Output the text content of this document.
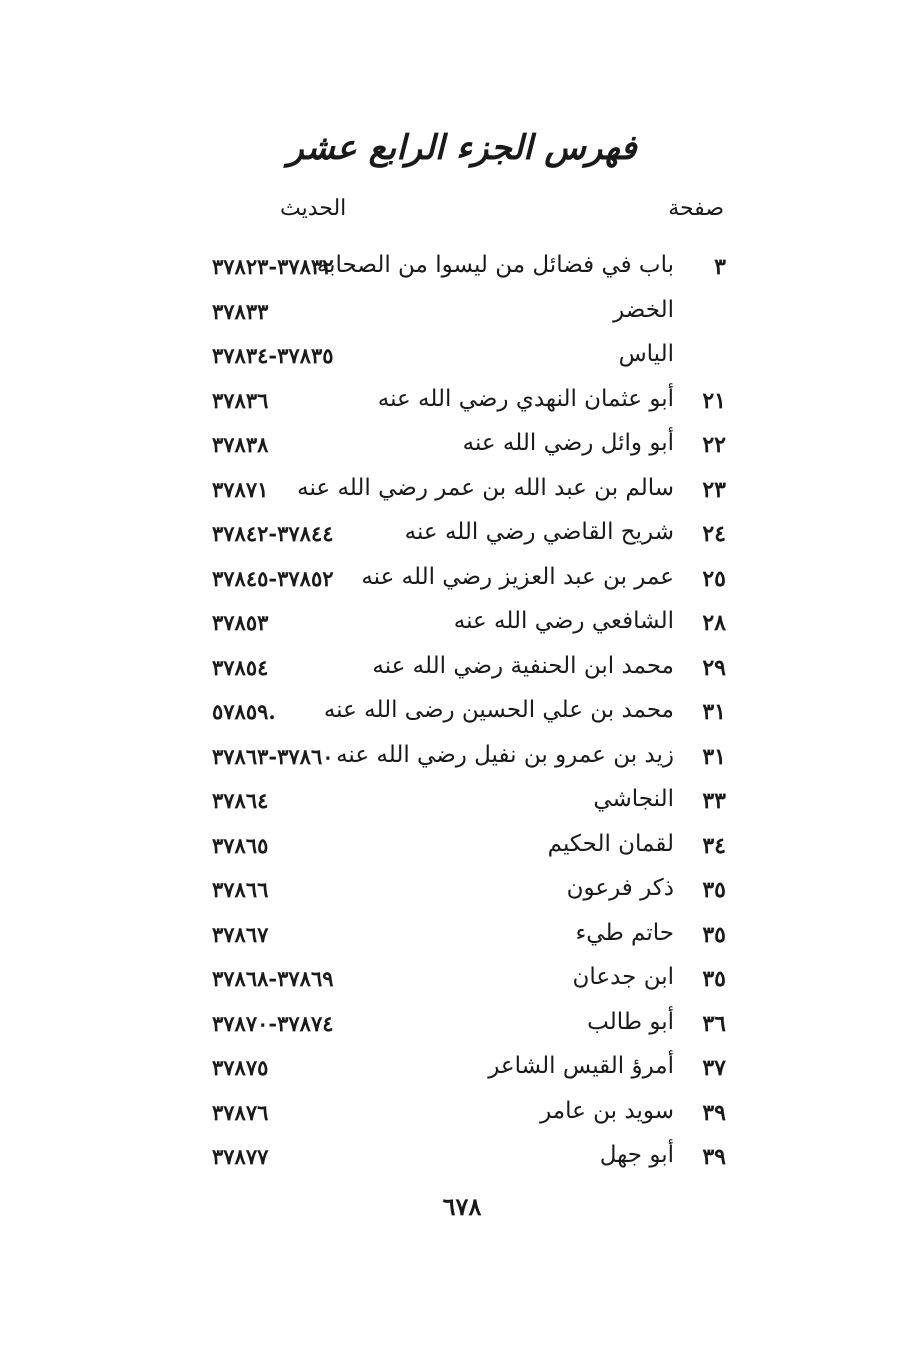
فهرس الجزء الرابع عشر
صفحة
الحديث
٣
باب في فضائل من ليسوا من الصحابة
٣٧٨٣٢-٣٧٨٢٣
الخضر
٣٧٨٣٣
الياس
٣٧٨٣٥-٣٧٨٣٤
٢١
أبو عثمان النهدي رضي الله عنه
٣٧٨٣٦
٢٢
أبو وائل رضي الله عنه
٣٧٨٣٨
٢٣
سالم بن عبد الله بن عمر رضي الله عنه
٣٧٨٧١
٢٤
شريح القاضي رضي الله عنه
٣٧٨٤٤-٣٧٨٤٢
٢٥
عمر بن عبد العزيز رضي الله عنه
٣٧٨٥٢-٣٧٨٤٥
٢٨
الشافعي رضي الله عنه
٣٧٨٥٣
٢٩
محمد ابن الحنفية رضي الله عنه
٣٧٨٥٤
٣١
محمد بن علي الحسين رضى الله عنه
٥٧٨٥٩.
٣١
زيد بن عمرو بن نفيل رضي الله عنه
٣٧٨٦٠-٣٧٨٦٣
٣٣
النجاشي
٣٧٨٦٤
٣٤
لقمان الحكيم
٣٧٨٦٥
٣٥
ذكر فرعون
٣٧٨٦٦
٣٥
حاتم طيء
٣٧٨٦٧
٣٥
ابن جدعان
٣٧٨٦٩-٣٧٨٦٨
٣٦
أبو طالب
٣٧٨٧٤-٣٧٨٧٠
٣٧
أمرؤ القيس الشاعر
٣٧٨٧٥
٣٩
سويد بن عامر
٣٧٨٧٦
٣٩
أبو جهل
٣٧٨٧٧
٦٧٨
